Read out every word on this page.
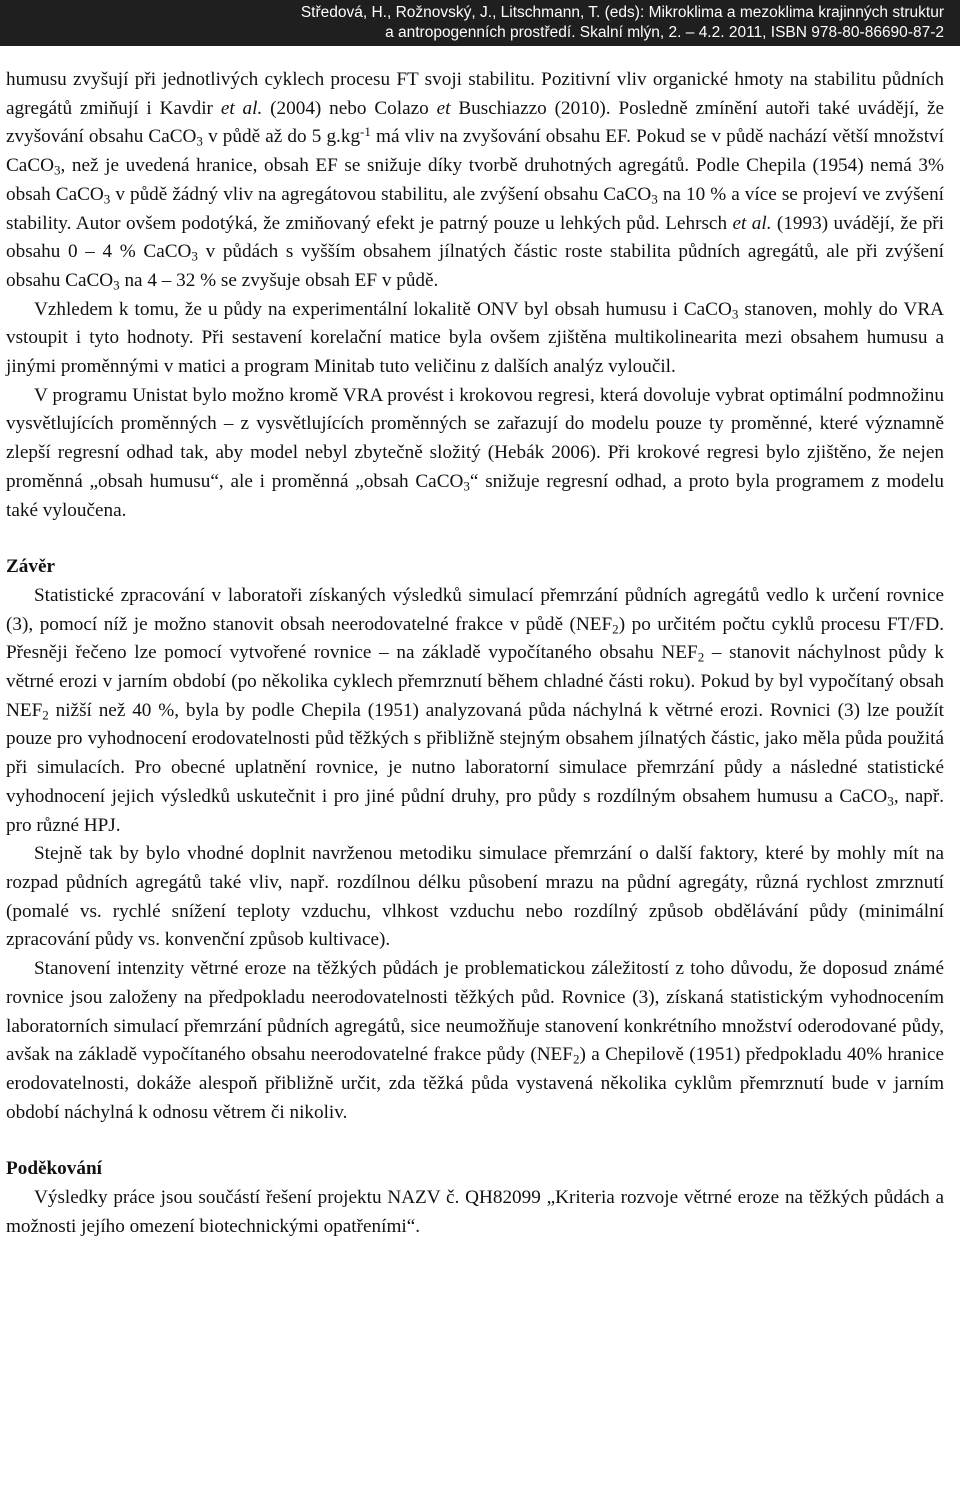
Středová, H., Rožnovský, J., Litschmann, T. (eds): Mikroklima a mezoklima krajinných struktur
a antropogenních prostředí. Skalní mlýn, 2. – 4.2. 2011, ISBN 978-80-86690-87-2

humusu zvyšují při jednotlivých cyklech procesu FT svoji stabilitu. Pozitivní vliv organické hmoty na stabilitu půdních agregátů zmiňují i Kavdir et al. (2004) nebo Colazo et Buschiazzo (2010). Posledně zmínění autoři také uvádějí, že zvyšování obsahu CaCO$_3$ v půdě až do 5 $g.kg^{-1}$ má vliv na zvyšování obsahu EF. Pokud se v půdě nachází větší množství CaCO$_3$, než je uvedená hranice, obsah EF se snižuje díky tvorbě druhotných agregátů. Podle Chepila (1954) nemá 3% obsah CaCO$_3$ v půdě žádný vliv na agregátovou stabilitu, ale zvýšení obsahu CaCO$_3$ na 10 % a více se projeví ve zvýšení stability. Autor ovšem podotýká, že zmiňovaný efekt je patrný pouze u lehkých půd. Lehrsch et al. (1993) uvádějí, že při obsahu 0 – 4 % CaCO$_3$ v půdách s vyšším obsahem jílnatých částic roste stabilita půdních agregátů, ale při zvýšení obsahu CaCO$_3$ na 4 – 32 % se zvyšuje obsah EF v půdě.

Vzhledem k tomu, že u půdy na experimentální lokalitě ONV byl obsah humusu i CaCO$_3$ stanoven, mohly do VRA vstoupit i tyto hodnoty. Při sestavení korelační matice byla ovšem zjištěna multikolinearita mezi obsahem humusu a jinými proměnnými v matici a program Minitab tuto veličinu z dalších analýz vyloučil.

V programu Unistat bylo možno kromě VRA provést i krokovou regresi, která dovoluje vybrat optimální podmnožinu vysvětlujících proměnných – z vysvětlujících proměnných se zařazují do modelu pouze ty proměnné, které významně zlepší regresní odhad tak, aby model nebyl zbytečně složitý (Hebák 2006). Při krokové regresi bylo zjištěno, že nejen proměnná „obsah humusu“, ale i proměnná „obsah CaCO$_3$“ snižuje regresní odhad, a proto byla programem z modelu také vyloučena.

Závěr

Statistické zpracování v laboratoři získaných výsledků simulací přemrzání půdních agregátů vedlo k určení rovnice (3), pomocí níž je možno stanovit obsah neerodovatelné frakce v půdě $(NEF_2)$ po určitém počtu cyklů procesu FT/FD. Přesněji řečeno lze pomocí vytvořené rovnice – na základě vypočítaného obsahu $NEF_2$ – stanovit náchylnost půdy k větrné erozi v jarním období (po několika cyklech přemrznutí během chladné části roku). Pokud by byl vypočítaný obsah $NEF_2$ nižší než 40 %, byla by podle Chepila (1951) analyzovaná půda náchylná k větrné erozi. Rovnici (3) lze použít pouze pro vyhodnocení erodovatelnosti půd těžkých s přibližně stejným obsahem jílnatých částic, jako měla půda použitá při simulacích. Pro obecné uplatnění rovnice, je nutno laboratorní simulace přemrzání půdy a následné statistické vyhodnocení jejich výsledků uskutečnit i pro jiné půdní druhy, pro půdy s rozdílným obsahem humusu a CaCO$_3$, např. pro různé HPJ.

Stejně tak by bylo vhodné doplnit navrženou metodiku simulace přemrzání o další faktory, které by mohly mít na rozpad půdních agregátů také vliv, např. rozdílnou délku působení mrazu na půdní agregáty, různá rychlost zmrznutí (pomalé vs. rychlé snížení teploty vzduchu, vlhkost vzduchu nebo rozdílný způsob obdělávání půdy (minimální zpracování půdy vs. konvenční způsob kultivace).

Stanovení intenzity větrné eroze na těžkých půdách je problematickou záležitostí z toho důvodu, že doposud známé rovnice jsou založeny na předpokladu neerodovatelnosti těžkých půd. Rovnice (3), získaná statistickým vyhodnocením laboratorních simulací přemrzání půdních agregátů, sice neumožňuje stanovení konkrétního množství oderodované půdy, avšak na základě vypočítaného obsahu neerodovatelné frakce půdy $(NEF_2)$ a Chepilově (1951) předpokladu 40% hranice erodovatelnosti, dokáže alespoň přibližně určit, zda těžká půda vystavená několika cyklům přemrznutí bude v jarním období náchylná k odnosu větrem či nikoliv.

Poděkování

Výsledky práce jsou součástí řešení projektu NAZV č. QH82099 „Kriteria rozvoje větrné eroze na těžkých půdách a možnosti jejího omezení biotechnickými opatřeními“.
